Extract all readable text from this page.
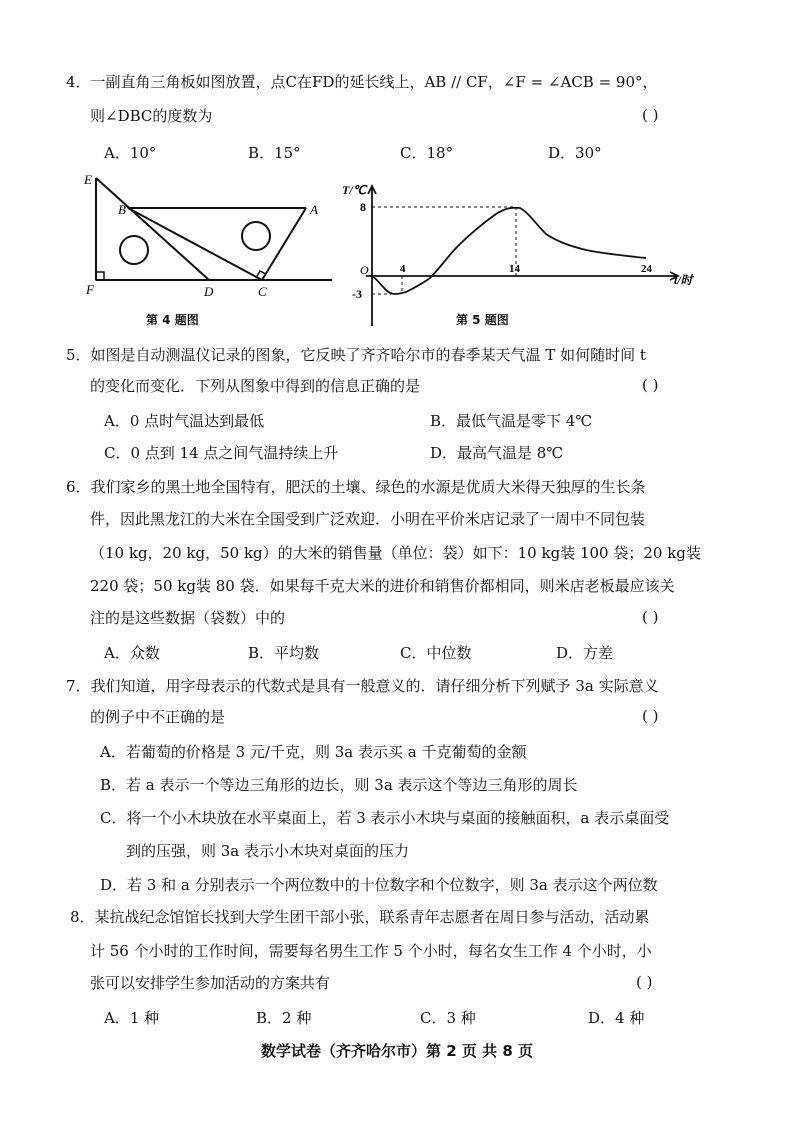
4．一副直角三角板如图放置，点C在FD的延长线上，AB // CF，∠F = ∠ACB = 90°，
则∠DBC的度数为	( )
A．10°	B．15°	C．18°	D．30°
E
B	A
F	D	C
第 4 题图
T/℃
t/时
8
-3
O	4	14	24
第 5 题图
5．如图是自动测温仪记录的图象，它反映了齐齐哈尔市的春季某天气温 T 如何随时间 t
的变化而变化．下列从图象中得到的信息正确的是	( )
A．0 点时气温达到最低	B．最低气温是零下 4℃
C．0 点到 14 点之间气温持续上升	D．最高气温是 8℃
6．我们家乡的黑土地全国特有，肥沃的土壤、绿色的水源是优质大米得天独厚的生长条
件，因此黑龙江的大米在全国受到广泛欢迎．小明在平价米店记录了一周中不同包装
（10 kg，20 kg，50 kg）的大米的销售量（单位：袋）如下：10 kg装 100 袋；20 kg装
220 袋；50 kg装 80 袋．如果每千克大米的进价和销售价都相同，则米店老板最应该关
注的是这些数据（袋数）中的	( )
A．众数	B．平均数	C．中位数	D．方差
7．我们知道，用字母表示的代数式是具有一般意义的．请仔细分析下列赋予 3a 实际意义
的例子中不正确的是	( )
A．若葡萄的价格是 3 元/千克，则 3a 表示买 a 千克葡萄的金额
B．若 a 表示一个等边三角形的边长，则 3a 表示这个等边三角形的周长
C．将一个小木块放在水平桌面上，若 3 表示小木块与桌面的接触面积，a 表示桌面受
到的压强，则 3a 表示小木块对桌面的压力
D．若 3 和 a 分别表示一个两位数中的十位数字和个位数字，则 3a 表示这个两位数
8．某抗战纪念馆馆长找到大学生团干部小张，联系青年志愿者在周日参与活动，活动累
计 56 个小时的工作时间，需要每名男生工作 5 个小时，每名女生工作 4 个小时，小
张可以安排学生参加活动的方案共有	( )
A．1 种	B．2 种	C．3 种	D．4 种
数学试卷（齐齐哈尔市）第 2 页 共 8 页
